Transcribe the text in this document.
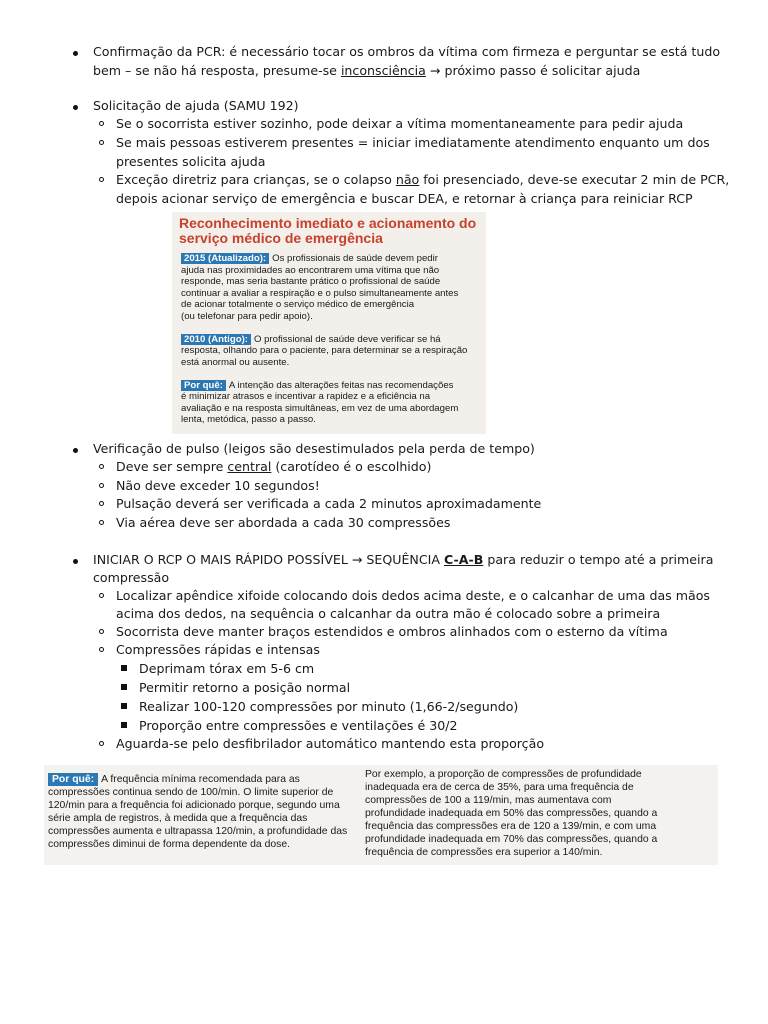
Confirmação da PCR: é necessário tocar os ombros da vítima com firmeza e perguntar se está tudo
bem – se não há resposta, presume-se inconsciência → próximo passo é solicitar ajuda
Solicitação de ajuda (SAMU 192)
Se o socorrista estiver sozinho, pode deixar a vítima momentaneamente para pedir ajuda
Se mais pessoas estiverem presentes = iniciar imediatamente atendimento enquanto um dos
presentes solicita ajuda
Exceção diretriz para crianças, se o colapso não foi presenciado, deve-se executar 2 min de PCR,
depois acionar serviço de emergência e buscar DEA, e retornar à criança para reiniciar RCP
Reconhecimento imediato e acionamento do
serviço médico de emergência
2015 (Atualizado): Os profissionais de saúde devem pedir
ajuda nas proximidades ao encontrarem uma vítima que não
responde, mas seria bastante prático o profissional de saúde
continuar a avaliar a respiração e o pulso simultaneamente antes
de acionar totalmente o serviço médico de emergência
(ou telefonar para pedir apoio).
2010 (Antigo): O profissional de saúde deve verificar se há
resposta, olhando para o paciente, para determinar se a respiração
está anormal ou ausente.
Por quê: A intenção das alterações feitas nas recomendações
é minimizar atrasos e incentivar a rapidez e a eficiência na
avaliação e na resposta simultâneas, em vez de uma abordagem
lenta, metódica, passo a passo.
Verificação de pulso (leigos são desestimulados pela perda de tempo)
Deve ser sempre central (carotídeo é o escolhido)
Não deve exceder 10 segundos!
Pulsação deverá ser verificada a cada 2 minutos aproximadamente
Via aérea deve ser abordada a cada 30 compressões
INICIAR O RCP O MAIS RÁPIDO POSSÍVEL → SEQUÊNCIA C-A-B para reduzir o tempo até a primeira
compressão
Localizar apêndice xifoide colocando dois dedos acima deste, e o calcanhar de uma das mãos
acima dos dedos, na sequência o calcanhar da outra mão é colocado sobre a primeira
Socorrista deve manter braços estendidos e ombros alinhados com o esterno da vítima
Compressões rápidas e intensas
Deprimam tórax em 5-6 cm
Permitir retorno a posição normal
Realizar 100-120 compressões por minuto (1,66-2/segundo)
Proporção entre compressões e ventilações é 30/2
Aguarda-se pelo desfibrilador automático mantendo esta proporção
Por quê: A frequência mínima recomendada para as
compressões continua sendo de 100/min. O limite superior de
120/min para a frequência foi adicionado porque, segundo uma
série ampla de registros, à medida que a frequência das
compressões aumenta e ultrapassa 120/min, a profundidade das
compressões diminui de forma dependente da dose.
Por exemplo, a proporção de compressões de profundidade
inadequada era de cerca de 35%, para uma frequência de
compressões de 100 a 119/min, mas aumentava com
profundidade inadequada em 50% das compressões, quando a
frequência das compressões era de 120 a 139/min, e com uma
profundidade inadequada em 70% das compressões, quando a
frequência de compressões era superior a 140/min.
